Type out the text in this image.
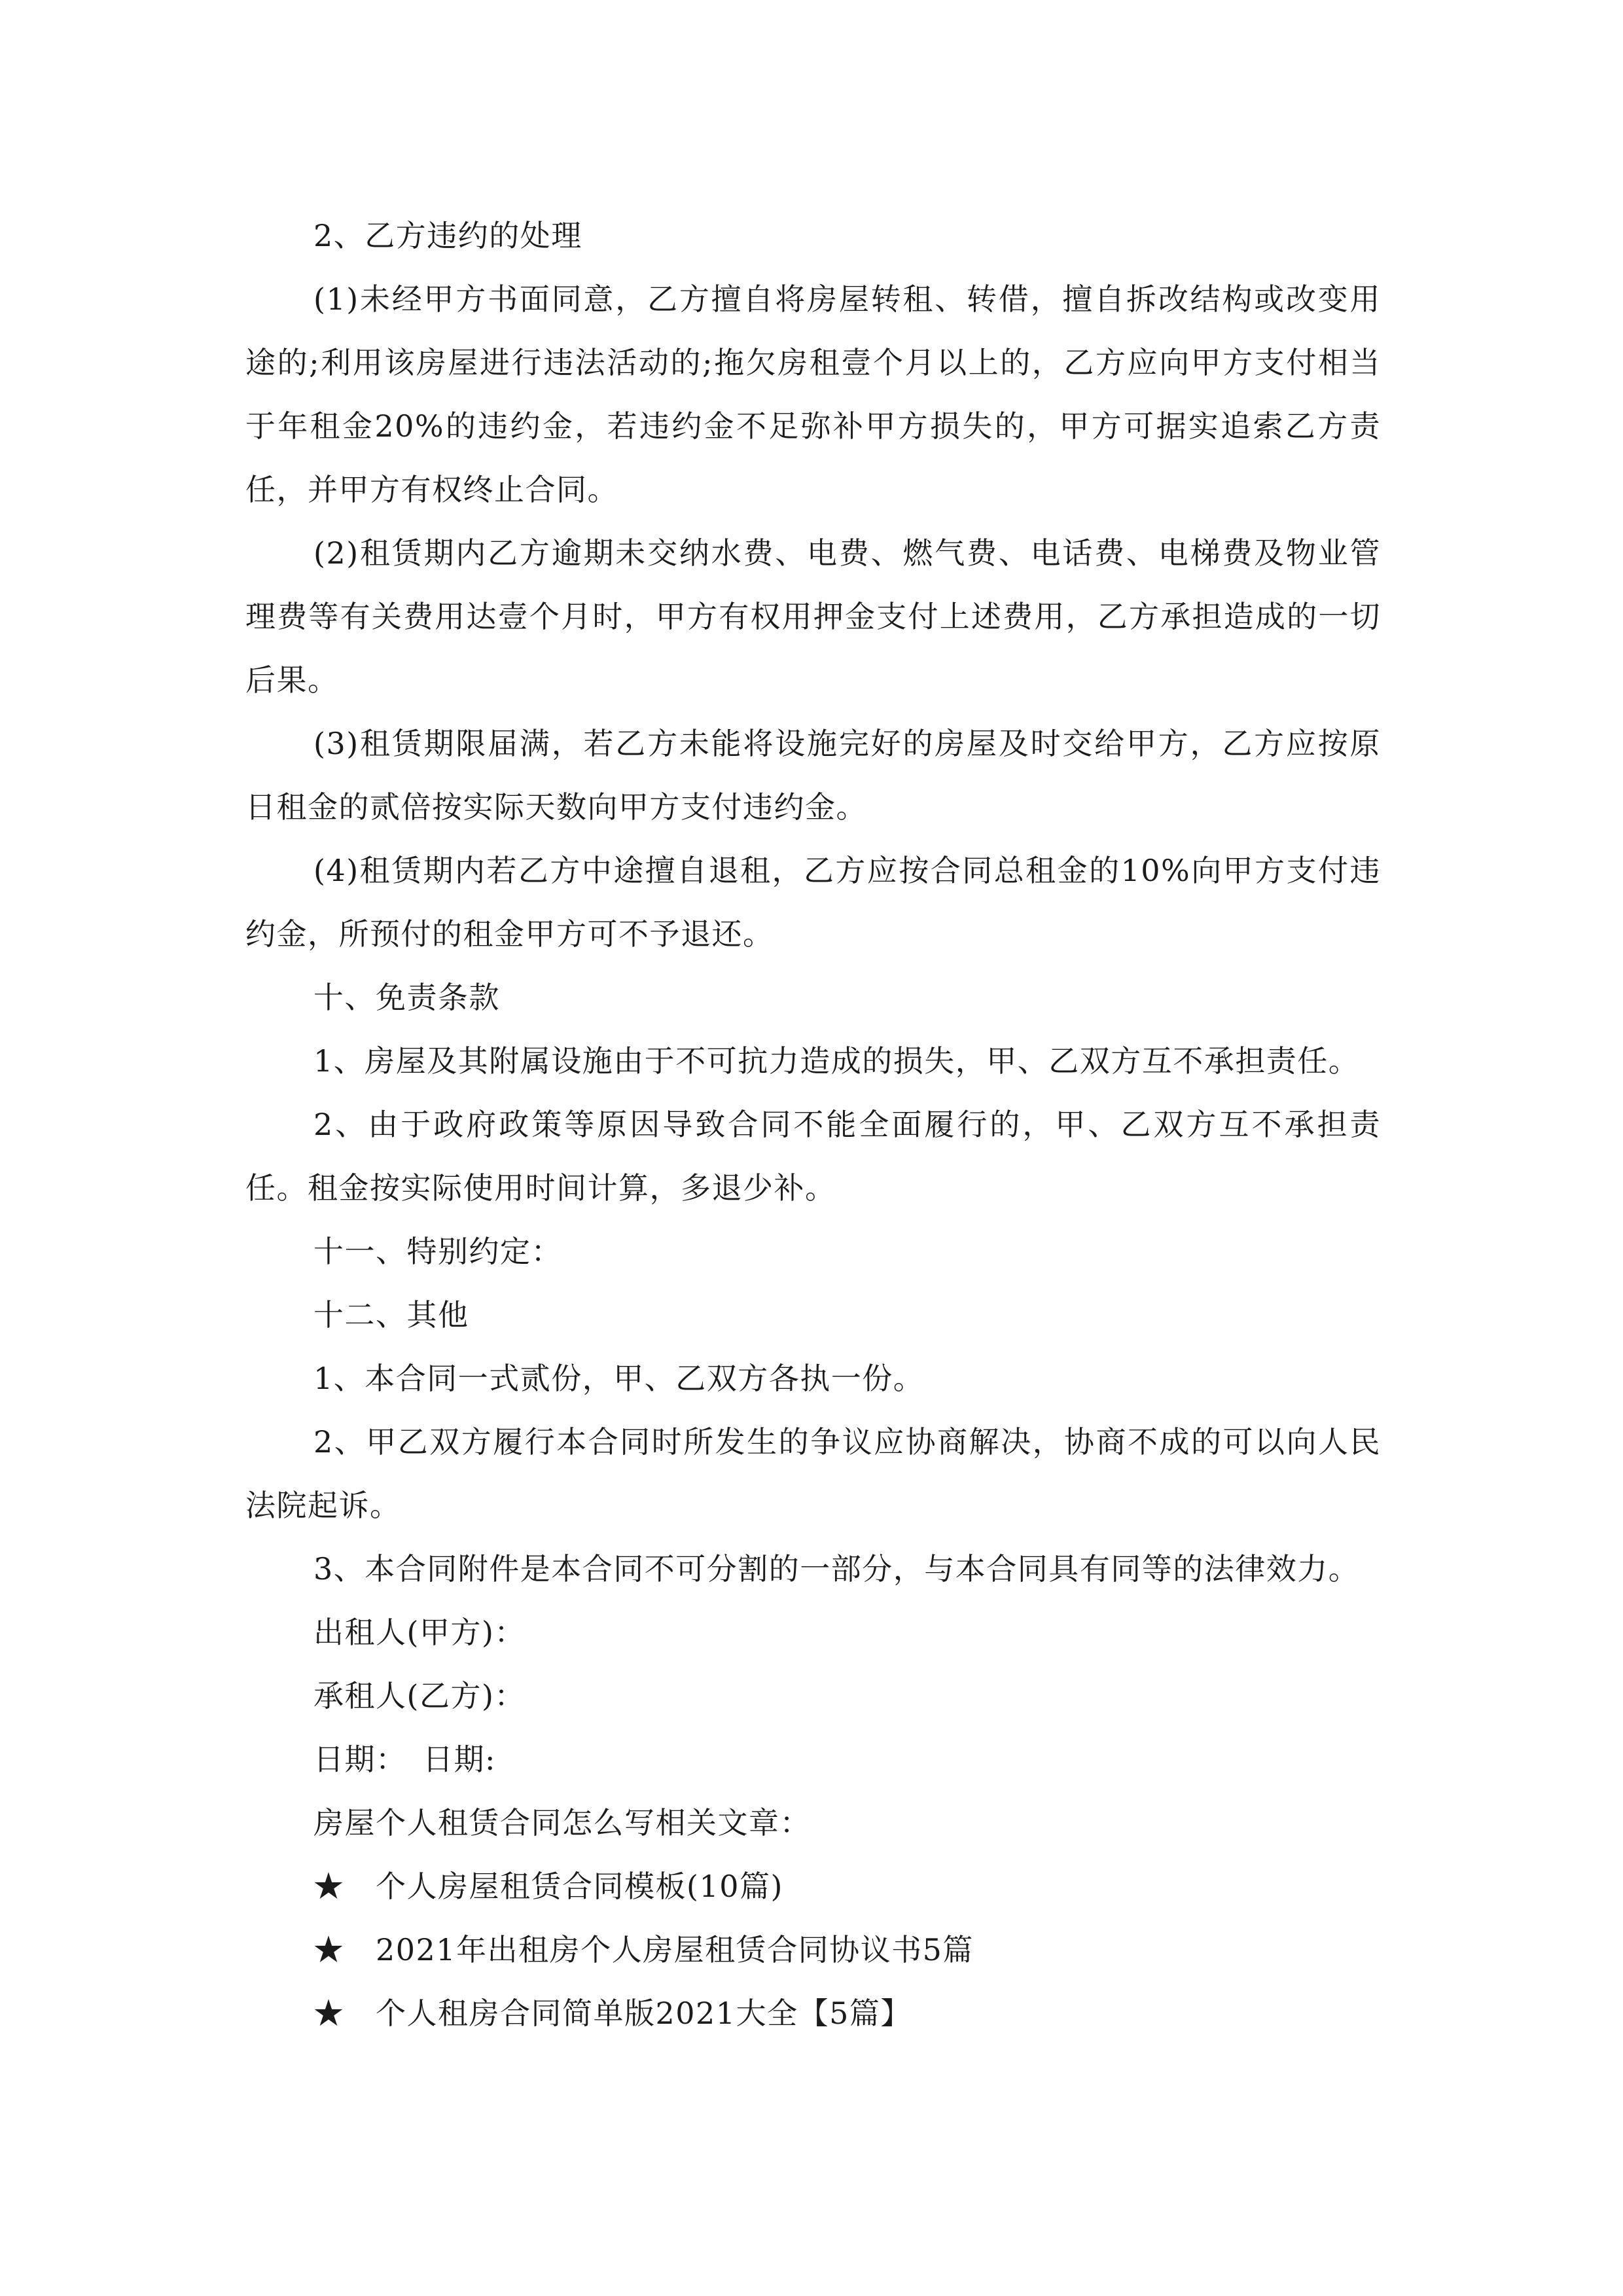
2、乙方违约的处理

(1)未经甲方书面同意，乙方擅自将房屋转租、转借，擅自拆改结构或改变用途的;利用该房屋进行违法活动的;拖欠房租壹个月以上的，乙方应向甲方支付相当于年租金20%的违约金，若违约金不足弥补甲方损失的，甲方可据实追索乙方责任，并甲方有权终止合同。

(2)租赁期内乙方逾期未交纳水费、电费、燃气费、电话费、电梯费及物业管理费等有关费用达壹个月时，甲方有权用押金支付上述费用，乙方承担造成的一切后果。

(3)租赁期限届满，若乙方未能将设施完好的房屋及时交给甲方，乙方应按原日租金的贰倍按实际天数向甲方支付违约金。

(4)租赁期内若乙方中途擅自退租，乙方应按合同总租金的10%向甲方支付违约金，所预付的租金甲方可不予退还。

十、免责条款

1、房屋及其附属设施由于不可抗力造成的损失，甲、乙双方互不承担责任。

2、由于政府政策等原因导致合同不能全面履行的，甲、乙双方互不承担责任。租金按实际使用时间计算，多退少补。

十一、特别约定：

十二、其他

1、本合同一式贰份，甲、乙双方各执一份。

2、甲乙双方履行本合同时所发生的争议应协商解决，协商不成的可以向人民法院起诉。

3、本合同附件是本合同不可分割的一部分，与本合同具有同等的法律效力。

出租人(甲方)：

承租人(乙方)：

日期：　日期:

房屋个人租赁合同怎么写相关文章：

★　个人房屋租赁合同模板(10篇)

★　2021年出租房个人房屋租赁合同协议书5篇

★　个人租房合同简单版2021大全【5篇】
